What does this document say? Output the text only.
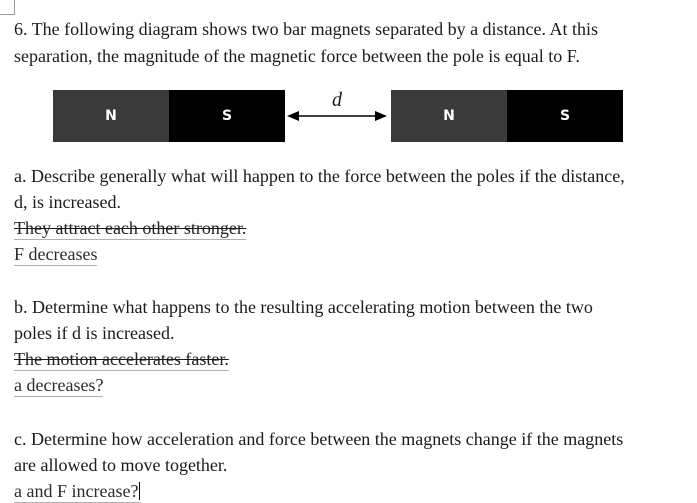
6. The following diagram shows two bar magnets separated by a distance. At this
separation, the magnitude of the magnetic force between the pole is equal to F.
N	S
d
N	S
a. Describe generally what will happen to the force between the poles if the distance,
d, is increased.
They attract each other stronger.
F decreases
b. Determine what happens to the resulting accelerating motion between the two
poles if d is increased.
The motion accelerates faster.
a decreases?
c. Determine how acceleration and force between the magnets change if the magnets
are allowed to move together.
a and F increase?
